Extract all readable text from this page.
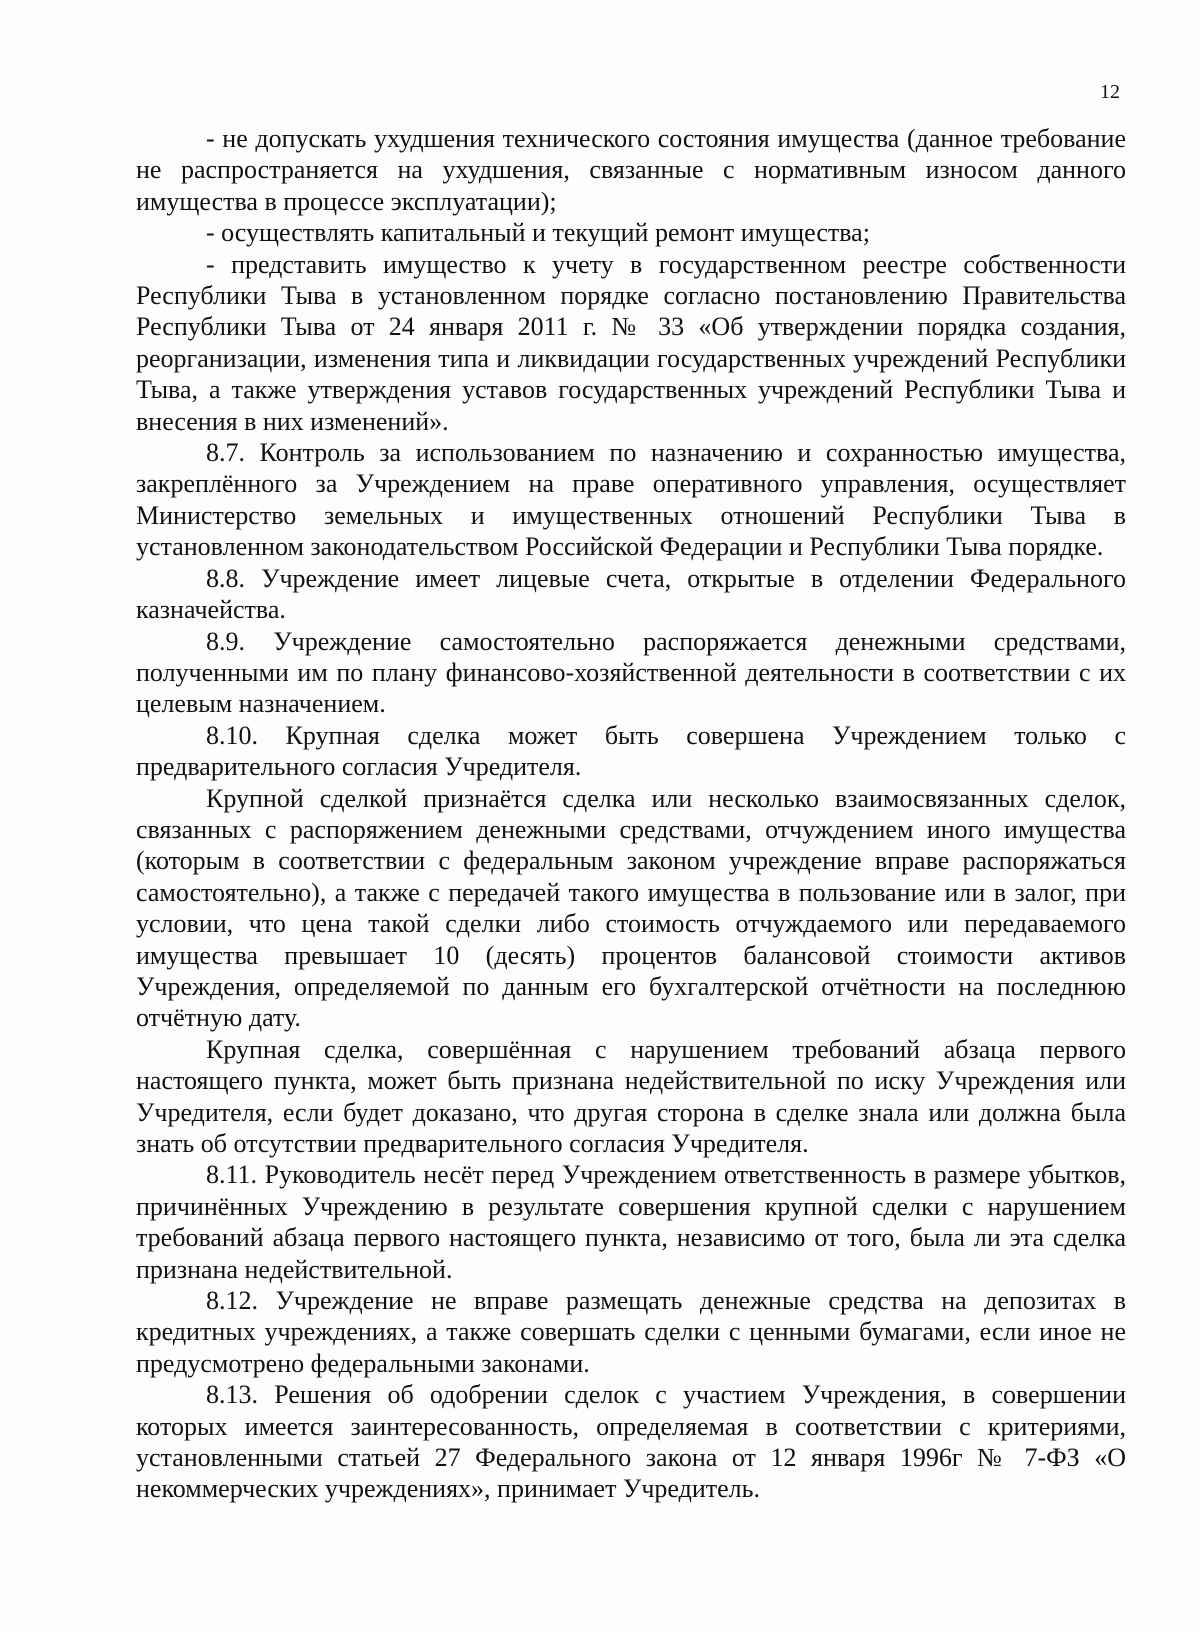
12

- не допускать ухудшения технического состояния имущества (данное требование не распространяется на ухудшения, связанные с нормативным износом данного имущества в процессе эксплуатации);

- осуществлять капитальный и текущий ремонт имущества;

- представить имущество к учету в государственном реестре собственности Республики Тыва в установленном порядке согласно постановлению Правительства Республики Тыва от 24 января 2011 г. № 33 «Об утверждении порядка создания, реорганизации, изменения типа и ликвидации государственных учреждений Республики Тыва, а также утверждения уставов государственных учреждений Республики Тыва и внесения в них изменений».

8.7. Контроль за использованием по назначению и сохранностью имущества, закреплённого за Учреждением на праве оперативного управления, осуществляет Министерство земельных и имущественных отношений Республики Тыва в установленном законодательством Российской Федерации и Республики Тыва порядке.

8.8. Учреждение имеет лицевые счета, открытые в отделении Федерального казначейства.

8.9. Учреждение самостоятельно распоряжается денежными средствами, полученными им по плану финансово-хозяйственной деятельности в соответствии с их целевым назначением.

8.10. Крупная сделка может быть совершена Учреждением только с предварительного согласия Учредителя.

Крупной сделкой признаётся сделка или несколько взаимосвязанных сделок, связанных с распоряжением денежными средствами, отчуждением иного имущества (которым в соответствии с федеральным законом учреждение вправе распоряжаться самостоятельно), а также с передачей такого имущества в пользование или в залог, при условии, что цена такой сделки либо стоимость отчуждаемого или передаваемого имущества превышает 10 (десять) процентов балансовой стоимости активов Учреждения, определяемой по данным его бухгалтерской отчётности на последнюю отчётную дату.

Крупная сделка, совершённая с нарушением требований абзаца первого настоящего пункта, может быть признана недействительной по иску Учреждения или Учредителя, если будет доказано, что другая сторона в сделке знала или должна была знать об отсутствии предварительного согласия Учредителя.

8.11. Руководитель несёт перед Учреждением ответственность в размере убытков, причинённых Учреждению в результате совершения крупной сделки с нарушением требований абзаца первого настоящего пункта, независимо от того, была ли эта сделка признана недействительной.

8.12. Учреждение не вправе размещать денежные средства на депозитах в кредитных учреждениях, а также совершать сделки с ценными бумагами, если иное не предусмотрено федеральными законами.

8.13. Решения об одобрении сделок с участием Учреждения, в совершении которых имеется заинтересованность, определяемая в соответствии с критериями, установленными статьей 27 Федерального закона от 12 января 1996г № 7-ФЗ «О некоммерческих учреждениях», принимает Учредитель.
